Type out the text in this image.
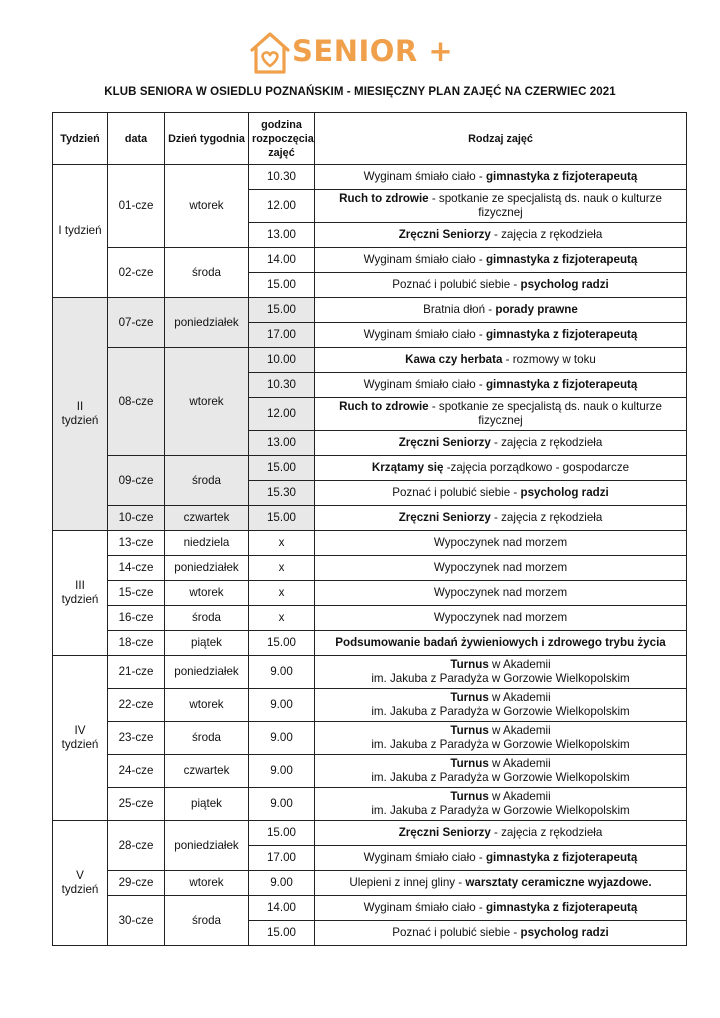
SENIOR +
KLUB SENIORA W OSIEDLU POZNAŃSKIM - MIESIĘCZNY PLAN ZAJĘĆ NA CZERWIEC 2021
Tydzień	data	Dzień tygodnia	godzina
rozpoczęcia
zajęć	Rodzaj zajęć
I tydzień	01-cze	wtorek	10.30	Wyginam śmiało ciało - gimnastyka z fizjoterapeutą
			12.00	Ruch to zdrowie - spotkanie ze specjalistą ds. nauk o kulturze fizycznej
			13.00	Zręczni Seniorzy - zajęcia z rękodzieła
	02-cze	środa	14.00	Wyginam śmiało ciało - gimnastyka z fizjoterapeutą
			15.00	Poznać i polubić siebie - psycholog radzi
II
tydzień	07-cze	poniedziałek	15.00	Bratnia dłoń - porady prawne
			17.00	Wyginam śmiało ciało - gimnastyka z fizjoterapeutą
	08-cze	wtorek	10.00	Kawa czy herbata - rozmowy w toku
			10.30	Wyginam śmiało ciało - gimnastyka z fizjoterapeutą
			12.00	Ruch to zdrowie - spotkanie ze specjalistą ds. nauk o kulturze fizycznej
			13.00	Zręczni Seniorzy - zajęcia z rękodzieła
	09-cze	środa	15.00	Krzątamy się -zajęcia porządkowo - gospodarcze
			15.30	Poznać i polubić siebie - psycholog radzi
	10-cze	czwartek	15.00	Zręczni Seniorzy - zajęcia z rękodzieła
III
tydzień	13-cze	niedziela	x	Wypoczynek nad morzem
	14-cze	poniedziałek	x	Wypoczynek nad morzem
	15-cze	wtorek	x	Wypoczynek nad morzem
	16-cze	środa	x	Wypoczynek nad morzem
	18-cze	piątek	15.00	Podsumowanie badań żywieniowych i zdrowego trybu życia
IV
tydzień	21-cze	poniedziałek	9.00	Turnus w Akademii
im. Jakuba z Paradyża w Gorzowie Wielkopolskim
	22-cze	wtorek	9.00	Turnus w Akademii
im. Jakuba z Paradyża w Gorzowie Wielkopolskim
	23-cze	środa	9.00	Turnus w Akademii
im. Jakuba z Paradyża w Gorzowie Wielkopolskim
	24-cze	czwartek	9.00	Turnus w Akademii
im. Jakuba z Paradyża w Gorzowie Wielkopolskim
	25-cze	piątek	9.00	Turnus w Akademii
im. Jakuba z Paradyża w Gorzowie Wielkopolskim
V
tydzień	28-cze	poniedziałek	15.00	Zręczni Seniorzy - zajęcia z rękodzieła
			17.00	Wyginam śmiało ciało - gimnastyka z fizjoterapeutą
	29-cze	wtorek	9.00	Ulepieni z innej gliny - warsztaty ceramiczne wyjazdowe.
	30-cze	środa	14.00	Wyginam śmiało ciało - gimnastyka z fizjoterapeutą
			15.00	Poznać i polubić siebie - psycholog radzi
